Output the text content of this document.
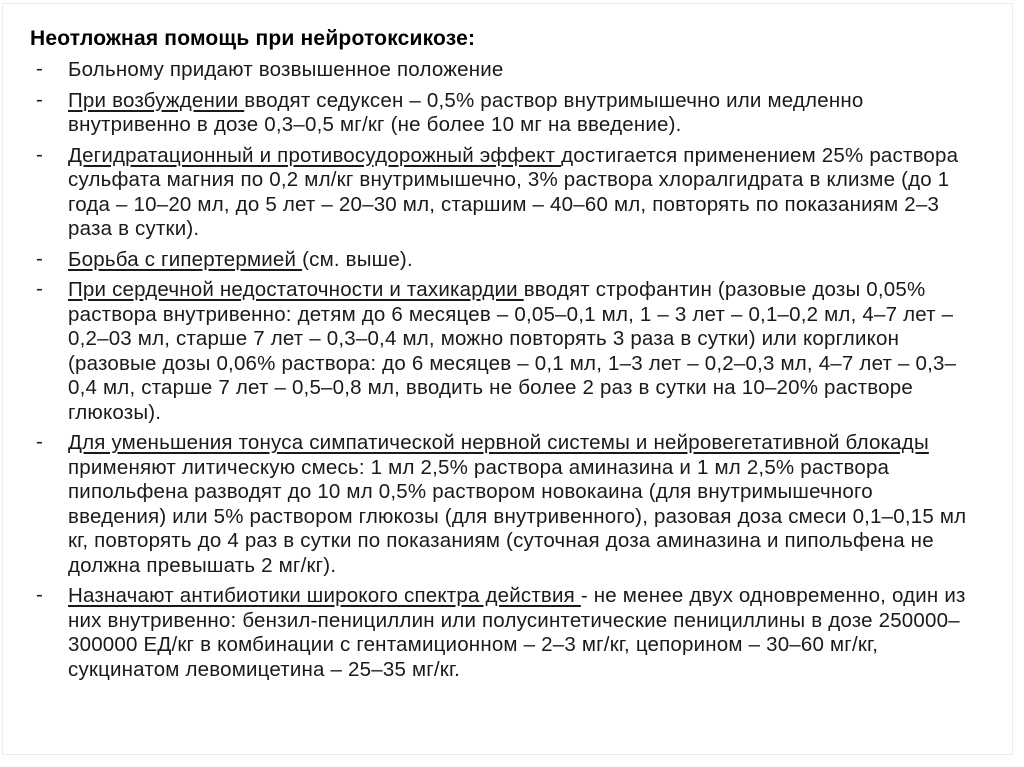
Неотложная помощь при нейротоксикозе:
- Больному придают возвышенное положение
- При возбуждении вводят седуксен – 0,5% раствор внутримышечно или медленно внутривенно в дозе 0,3–0,5 мг/кг (не более 10 мг на введение).
- Дегидратационный и противосудорожный эффект достигается применением 25% раствора сульфата магния по 0,2 мл/кг внутримышечно, 3% раствора хлоралгидрата в клизме (до 1 года – 10–20 мл, до 5 лет – 20–30 мл, старшим – 40–60 мл, повторять по показаниям 2–3 раза в сутки).
- Борьба с гипертермией (см. выше).
- При сердечной недостаточности и тахикардии вводят строфантин (разовые дозы 0,05% раствора внутривенно: детям до 6 месяцев – 0,05–0,1 мл, 1 – 3 лет – 0,1–0,2 мл, 4–7 лет – 0,2–03 мл, старше 7 лет – 0,3–0,4 мл, можно повторять 3 раза в сутки) или коргликон (разовые дозы 0,06% раствора: до 6 месяцев – 0,1 мл, 1–3 лет – 0,2–0,3 мл, 4–7 лет – 0,3–0,4 мл, старше 7 лет – 0,5–0,8 мл, вводить не более 2 раз в сутки на 10–20% растворе глюкозы).
- Для уменьшения тонуса симпатической нервной системы и нейровегетативной блокады применяют литическую смесь: 1 мл 2,5% раствора аминазина и 1 мл 2,5% раствора пипольфена разводят до 10 мл 0,5% раствором новокаина (для внутримышечного введения) или 5% раствором глюкозы (для внутривенного), разовая доза смеси 0,1–0,15 мл кг, повторять до 4 раз в сутки по показаниям (суточная доза аминазина и пипольфена не должна превышать 2 мг/кг).
- Назначают антибиотики широкого спектра действия - не менее двух одновременно, один из них внутривенно: бензил-пенициллин или полусинтетические пенициллины в дозе 250000–300000 ЕД/кг в комбинации с гентамиционном – 2–3 мг/кг, цепорином – 30–60 мг/кг, сукцинатом левомицетина – 25–35 мг/кг.
